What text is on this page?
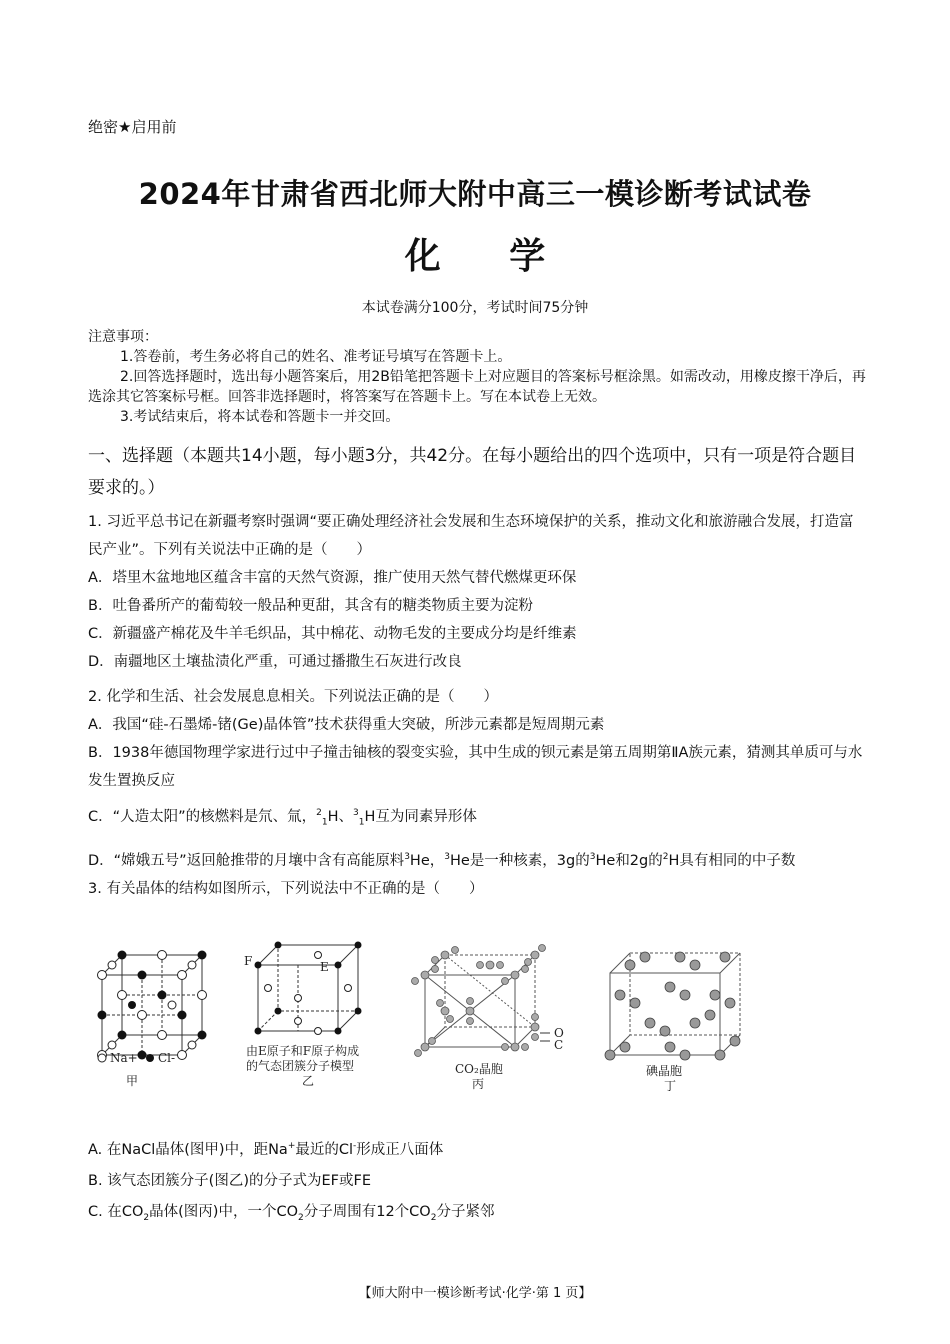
绝密★启用前
2024年甘肃省西北师大附中高三一模诊断考试试卷
化 学
本试卷满分100分，考试时间75分钟

注意事项：

1.答卷前，考生务必将自己的姓名、准考证号填写在答题卡上。

2.回答选择题时，选出每小题答案后，用2B铅笔把答题卡上对应题目的答案标号框涂黑。如需改动，用橡皮擦干净后，再选涂其它答案标号框。回答非选择题时，将答案写在答题卡上。写在本试卷上无效。

3.考试结束后，将本试卷和答题卡一并交回。

一、选择题（本题共14小题，每小题3分，共42分。在每小题给出的四个选项中，只有一项是符合题目要求的。）

1. 习近平总书记在新疆考察时强调“要正确处理经济社会发展和生态环境保护的关系，推动文化和旅游融合发展，打造富民产业”。下列有关说法中正确的是（　　）

A．塔里木盆地地区蕴含丰富的天然气资源，推广使用天然气替代燃煤更环保

B．吐鲁番所产的葡萄较一般品种更甜，其含有的糖类物质主要为淀粉

C．新疆盛产棉花及牛羊毛织品，其中棉花、动物毛发的主要成分均是纤维素

D．南疆地区土壤盐渍化严重，可通过播撒生石灰进行改良

2. 化学和生活、社会发展息息相关。下列说法正确的是（　　）

A．我国“硅-石墨烯-锗(Ge)晶体管”技术获得重大突破，所涉元素都是短周期元素

B．1938年德国物理学家进行过中子撞击铀核的裂变实验，其中生成的钡元素是第五周期第ⅡA族元素，猜测其单质可与水发生置换反应

C．“人造太阳”的核燃料是氘、氚，$^2_1$H、$^3_1$H互为同素异形体

D．“嫦娥五号”返回舱推带的月壤中含有高能原料$^3$He，$^3$He是一种核素，3g的$^3$He和2g的$^2$H具有相同的中子数

3. 有关晶体的结构如图所示，下列说法中不正确的是（　　）

Na+ Cl-
甲
F	E
由E原子和F原子构成
的气态团簇分子模型
乙
O
C
CO₂晶胞
丙
碘晶胞
丁

A. 在NaCl晶体(图甲)中，距Na+最近的Cl-形成正八面体

B. 该气态团簇分子(图乙)的分子式为EF或FE

C. 在$CO_2$晶体(图丙)中，一个$CO_2$分子周围有12个$CO_2$分子紧邻

【师大附中一模诊断考试·化学·第 1 页】
